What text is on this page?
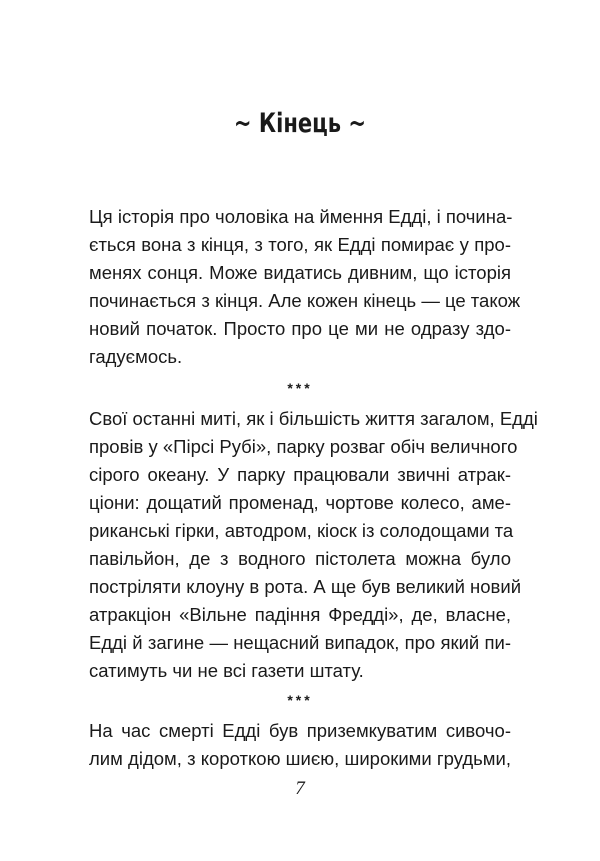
~ Кінець ~
Ця історія про чоловіка на ймення Едді, і почина-
ється вона з кінця, з того, як Едді помирає у про-
менях сонця. Може видатись дивним, що історія
починається з кінця. Але кожен кінець — це також
новий початок. Просто про це ми не одразу здо-
гадуємось.
***
Свої останні миті, як і більшість життя загалом, Едді
провів у «Пірсі Рубі», парку розваг обіч величного
сірого океану. У парку працювали звичні атрак-
ціони: дощатий променад, чортове колесо, аме-
риканські гірки, автодром, кіоск із солодощами та
павільйон, де з водного пістолета можна було
постріляти клоуну в рота. А ще був великий новий
атракціон «Вільне падіння Фредді», де, власне,
Едді й загине — нещасний випадок, про який пи-
сатимуть чи не всі газети штату.
***
На час смерті Едді був приземкуватим сивочо-
лим дідом, з короткою шиєю, широкими грудьми,
7
